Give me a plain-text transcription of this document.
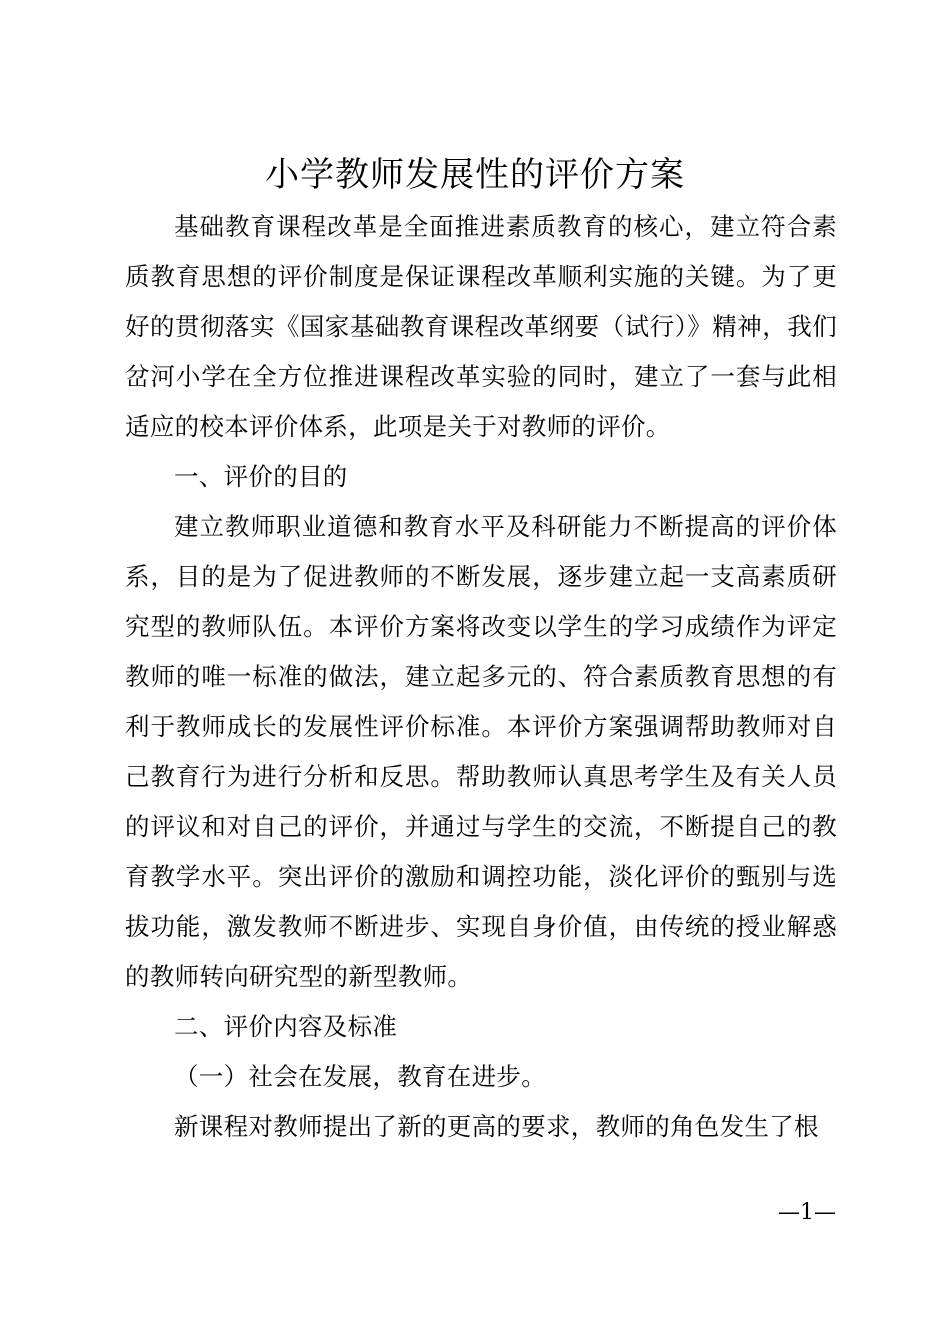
小学教师发展性的评价方案

基础教育课程改革是全面推进素质教育的核心，建立符合素质教育思想的评价制度是保证课程改革顺利实施的关键。为了更好的贯彻落实《国家基础教育课程改革纲要（试行）》精神，我们岔河小学在全方位推进课程改革实验的同时，建立了一套与此相适应的校本评价体系，此项是关于对教师的评价。

一、评价的目的

建立教师职业道德和教育水平及科研能力不断提高的评价体系，目的是为了促进教师的不断发展，逐步建立起一支高素质研究型的教师队伍。本评价方案将改变以学生的学习成绩作为评定教师的唯一标准的做法，建立起多元的、符合素质教育思想的有利于教师成长的发展性评价标准。本评价方案强调帮助教师对自己教育行为进行分析和反思。帮助教师认真思考学生及有关人员的评议和对自己的评价，并通过与学生的交流，不断提自己的教育教学水平。突出评价的激励和调控功能，淡化评价的甄别与选拔功能，激发教师不断进步、实现自身价值，由传统的授业解惑的教师转向研究型的新型教师。

二、评价内容及标准

（一）社会在发展，教育在进步。

新课程对教师提出了新的更高的要求，教师的角色发生了根

—1—
